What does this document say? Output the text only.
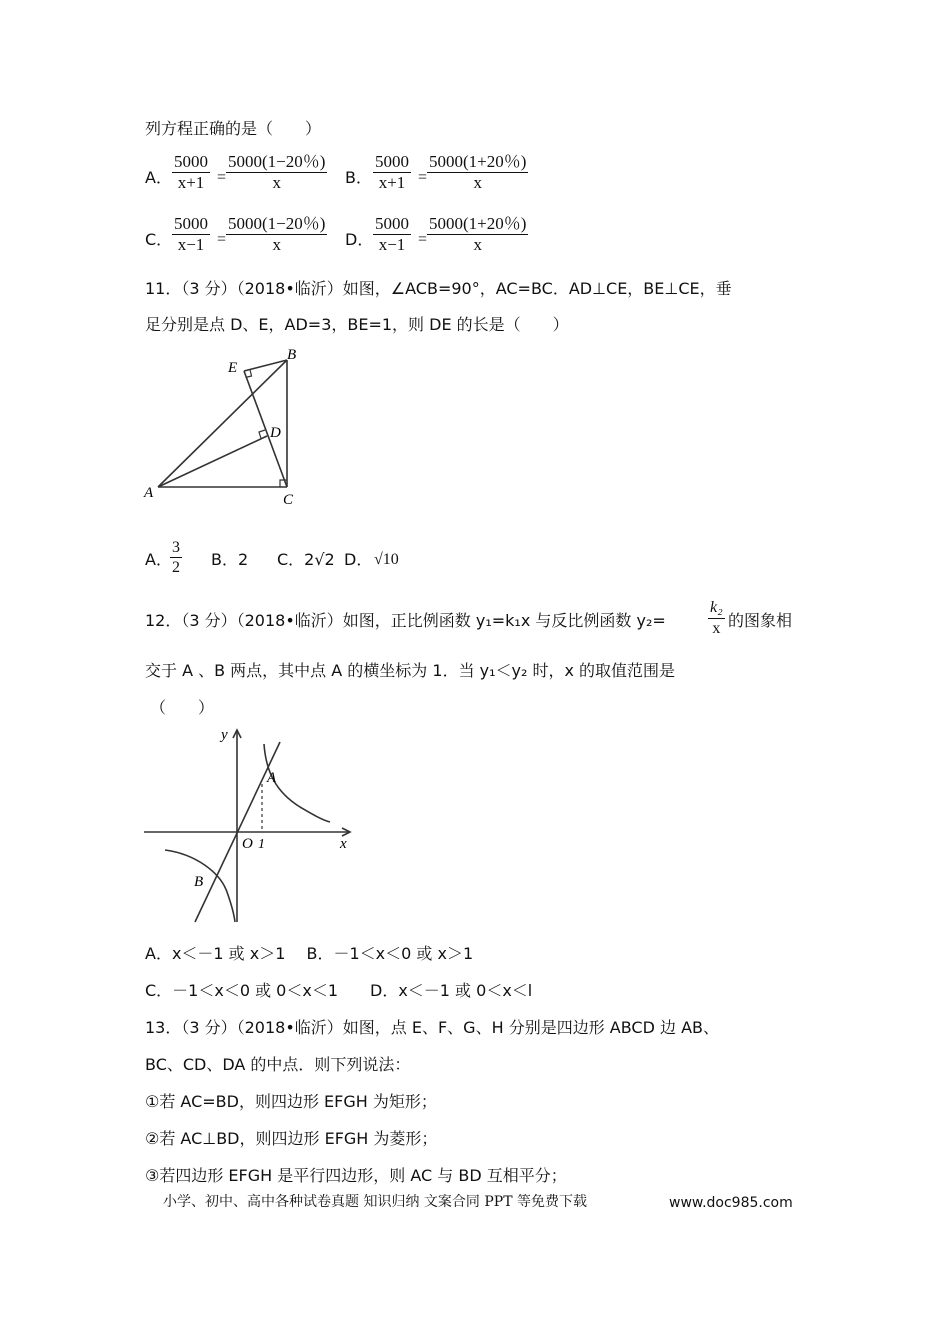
列方程正确的是（　　）
A．
5000
x+1 =
5000(1−20％)
x	B．
5000
x+1 =
5000(1+20％)
x
C．
5000
x−1 =
5000(1−20％)
x	D．
5000
x−1 =
5000(1+20％)
x
11．（3 分）（2018•临沂）如图，∠ACB=90°，AC=BC．AD⊥CE，BE⊥CE，垂
足分别是点 D、E，AD=3，BE=1，则 DE 的长是（　　）
A
B
C
D
E
A．
3
2 B．2 C．2√2 D． √10
12．（3 分）（2018•临沂）如图，正比例函数 y₁=k₁x 与反比例函数 y₂=
k₂
x 的图象相
交于 A 、B 两点，其中点 A 的横坐标为 1．当 y₁＜y₂ 时，x 的取值范围是
（　　）
y
x
O 1
A
B
A．x＜－1 或 x＞1　 B．－1＜x＜0 或 x＞1
C．－1＜x＜0 或 0＜x＜1　　D．x＜－1 或 0＜x＜l
13．（3 分）（2018•临沂）如图，点 E、F、G、H 分别是四边形 ABCD 边 AB、
BC、CD、DA 的中点．则下列说法：
①若 AC=BD，则四边形 EFGH 为矩形；
②若 AC⊥BD，则四边形 EFGH 为菱形；
③若四边形 EFGH 是平行四边形，则 AC 与 BD 互相平分；
小学、初中、高中各种试卷真题 知识归纳 文案合同 PPT 等免费下载	www.doc985.com
